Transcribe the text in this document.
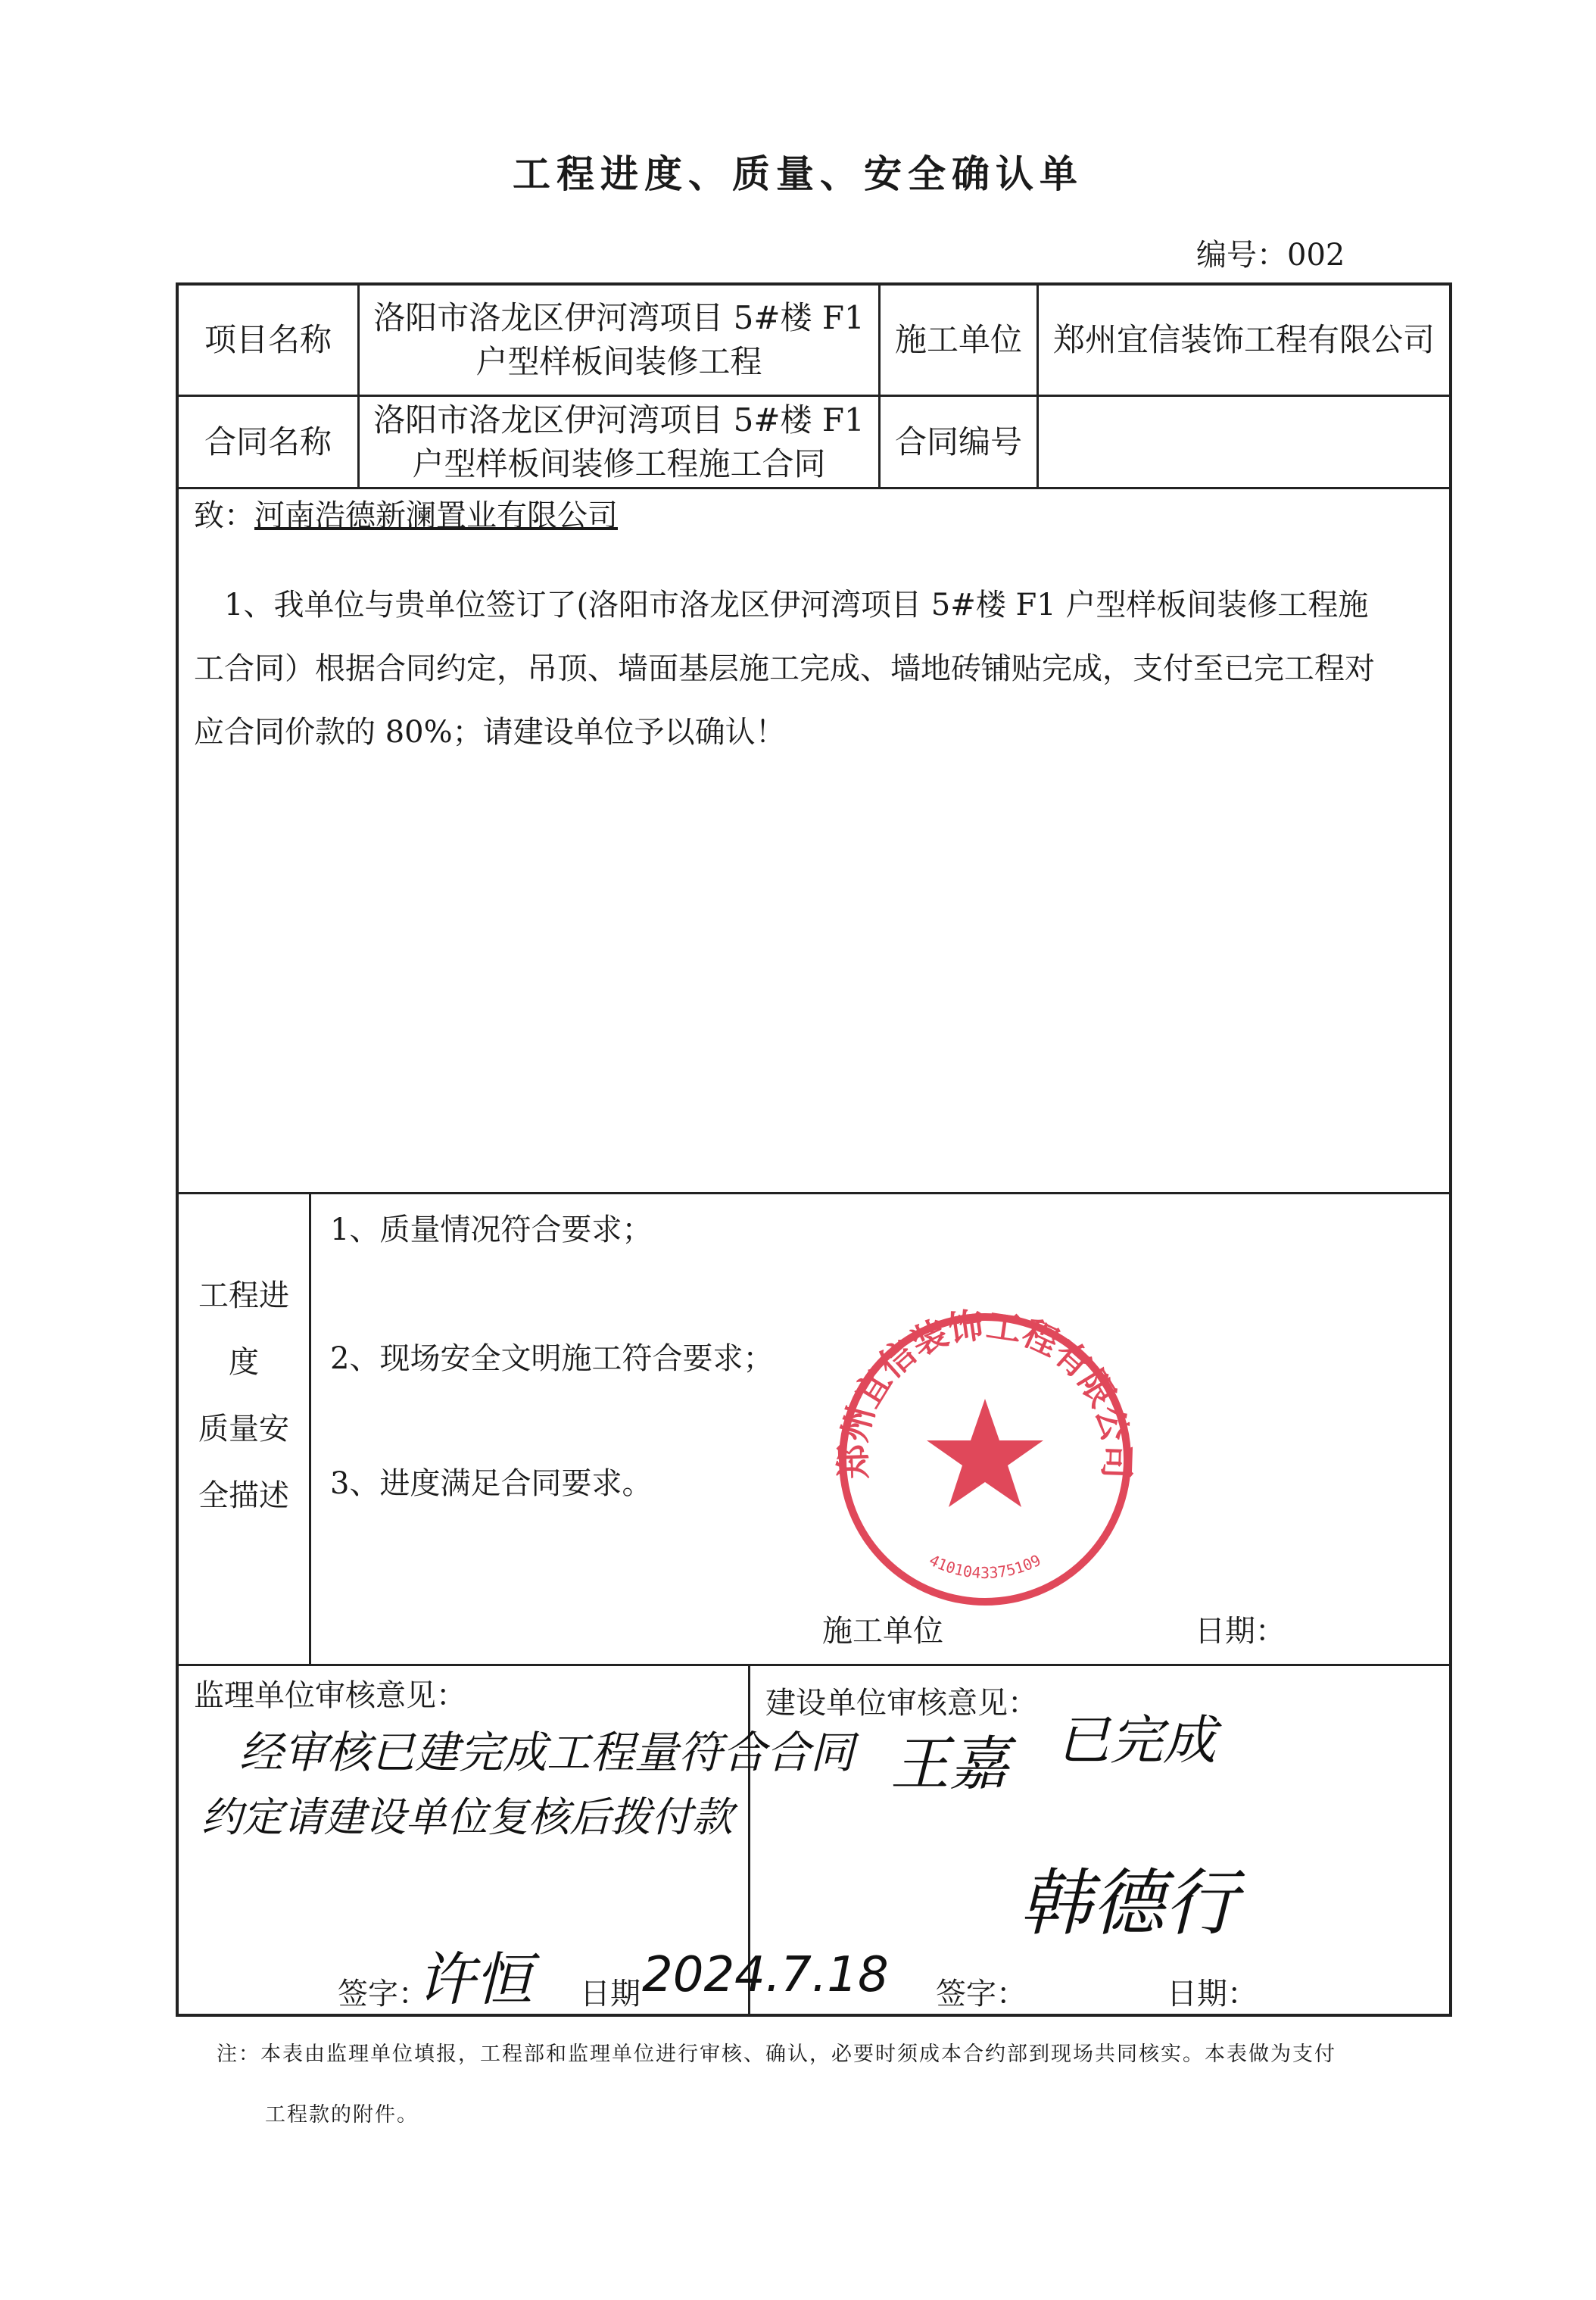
工程进度、质量、安全确认单
编号：002
项目名称
洛阳市洛龙区伊河湾项目 5#楼 F1
户型样板间装修工程
施工单位 郑州宜信装饰工程有限公司
合同名称
洛阳市洛龙区伊河湾项目 5#楼 F1
户型样板间装修工程施工合同
合同编号
致：河南浩德新澜置业有限公司
1、我单位与贵单位签订了(洛阳市洛龙区伊河湾项目 5#楼 F1 户型样板间装修工程施
工合同）根据合同约定，吊顶、墙面基层施工完成、墙地砖铺贴完成，支付至已完工程对
应合同价款的 80%；请建设单位予以确认！
工程进
度
质量安
全描述
1、质量情况符合要求；
2、现场安全文明施工符合要求；
3、进度满足合同要求。
郑州宜信装饰工程有限公司
4101043375109
施工单位	日期：
监理单位审核意见：
经审核已建完成工程量符合合同
约定请建设单位复核后拨付款
签字：
许恒 日期 2024.7.18
建设单位审核意见：
王嘉 已完成
韩德行
签字：	日期：
注：本表由监理单位填报，工程部和监理单位进行审核、确认，必要时须成本合约部到现场共同核实。本表做为支付
工程款的附件。
